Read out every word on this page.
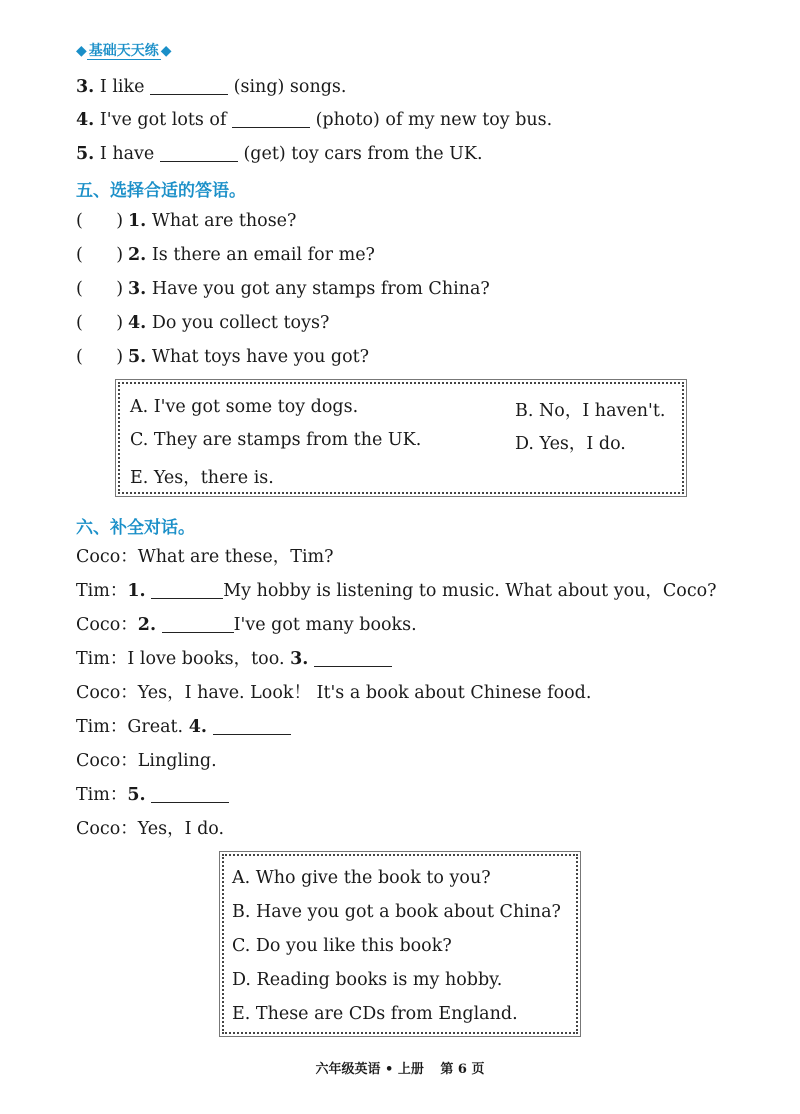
◆ 基础天天练 ◆
3. I like	(sing) songs.
4. I've got lots of	(photo) of my new toy bus.
5. I have	(get) toy cars from the UK.
五、选择合适的答语。
(      ) 1. What are those?
(      ) 2. Is there an email for me?
(      ) 3. Have you got any stamps from China?
(      ) 4. Do you collect toys?
(      ) 5. What toys have you got?
A. I've got some toy dogs.	B. No，I haven't.
C. They are stamps from the UK.	D. Yes，I do.
E. Yes，there is.
六、补全对话。
Coco：What are these，Tim?
Tim：1.	My hobby is listening to music. What about you，Coco?
Coco：2.	I've got many books.
Tim：I love books，too. 3.
Coco：Yes，I have. Look！ It's a book about Chinese food.
Tim：Great. 4.
Coco：Lingling.
Tim：5.
Coco：Yes，I do.
A. Who give the book to you?
B. Have you got a book about China?
C. Do you like this book?
D. Reading books is my hobby.
E. These are CDs from England.
六年级英语 • 上册 第 6 页
